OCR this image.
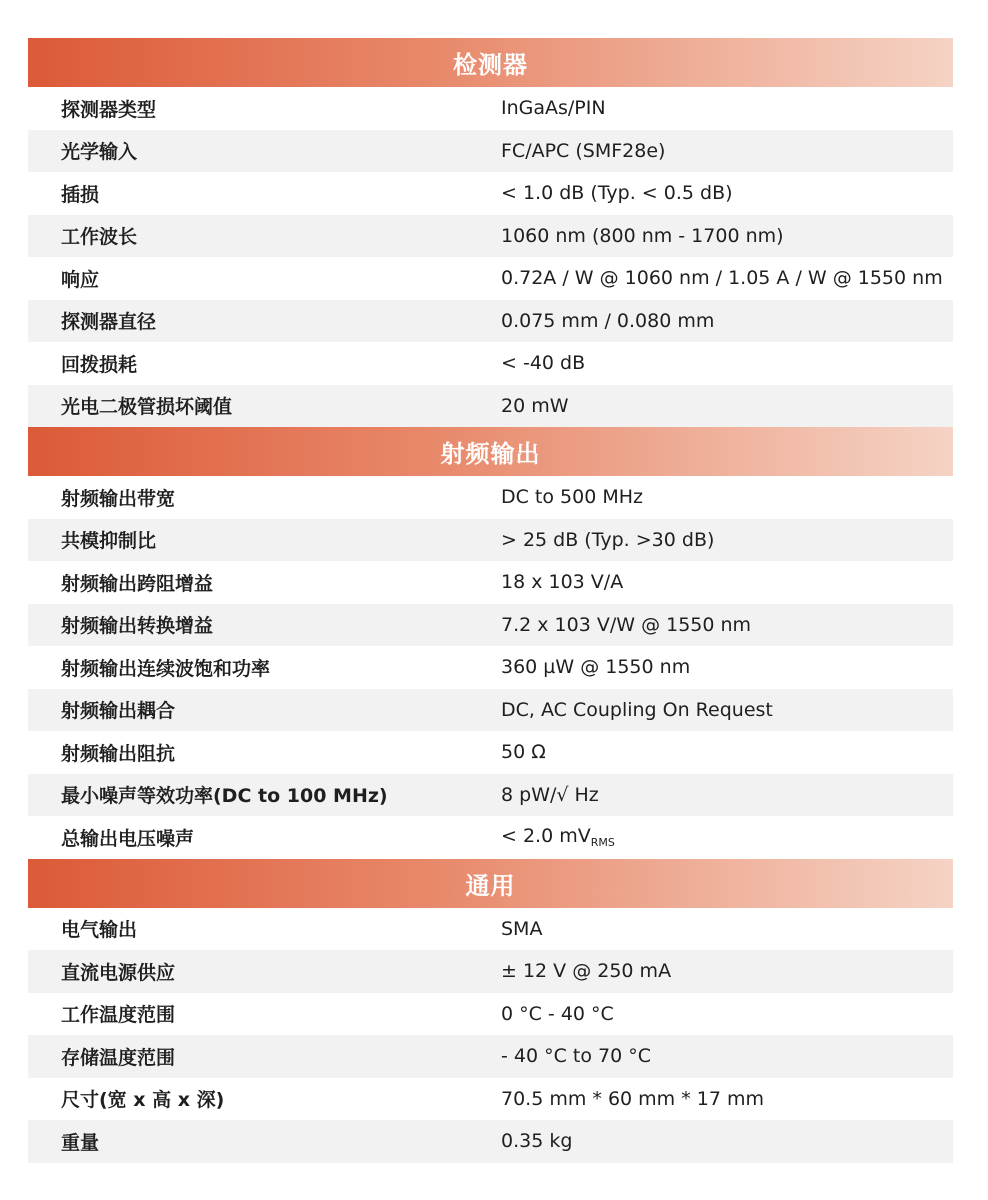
检测器
探测器类型	InGaAs/PIN
光学输入	FC/APC (SMF28e)
插损	< 1.0 dB (Typ. < 0.5 dB)
工作波长	1060 nm (800 nm - 1700 nm)
响应	0.72A / W @ 1060 nm / 1.05 A / W @ 1550 nm
探测器直径	0.075 mm / 0.080 mm
回拨损耗	< -40 dB
光电二极管损坏阈值	20 mW
射频输出
射频输出带宽	DC to 500 MHz
共模抑制比	> 25 dB (Typ. >30 dB)
射频输出跨阻增益	18 x 103 V/A
射频输出转换增益	7.2 x 103 V/W @ 1550 nm
射频输出连续波饱和功率	360 µW @ 1550 nm
射频输出耦合	DC, AC Coupling On Request
射频输出阻抗	50 Ω
最小噪声等效功率(DC to 100 MHz)	8 pW/√ Hz
总输出电压噪声	< 2.0 $mV_{RMS}$
通用
电气输出	SMA
直流电源供应	± 12 V @ 250 mA
工作温度范围	0 °C - 40 °C
存储温度范围	- 40 °C to 70 °C
尺寸(宽 x 高 x 深)	70.5 mm * 60 mm * 17 mm
重量	0.35 kg
